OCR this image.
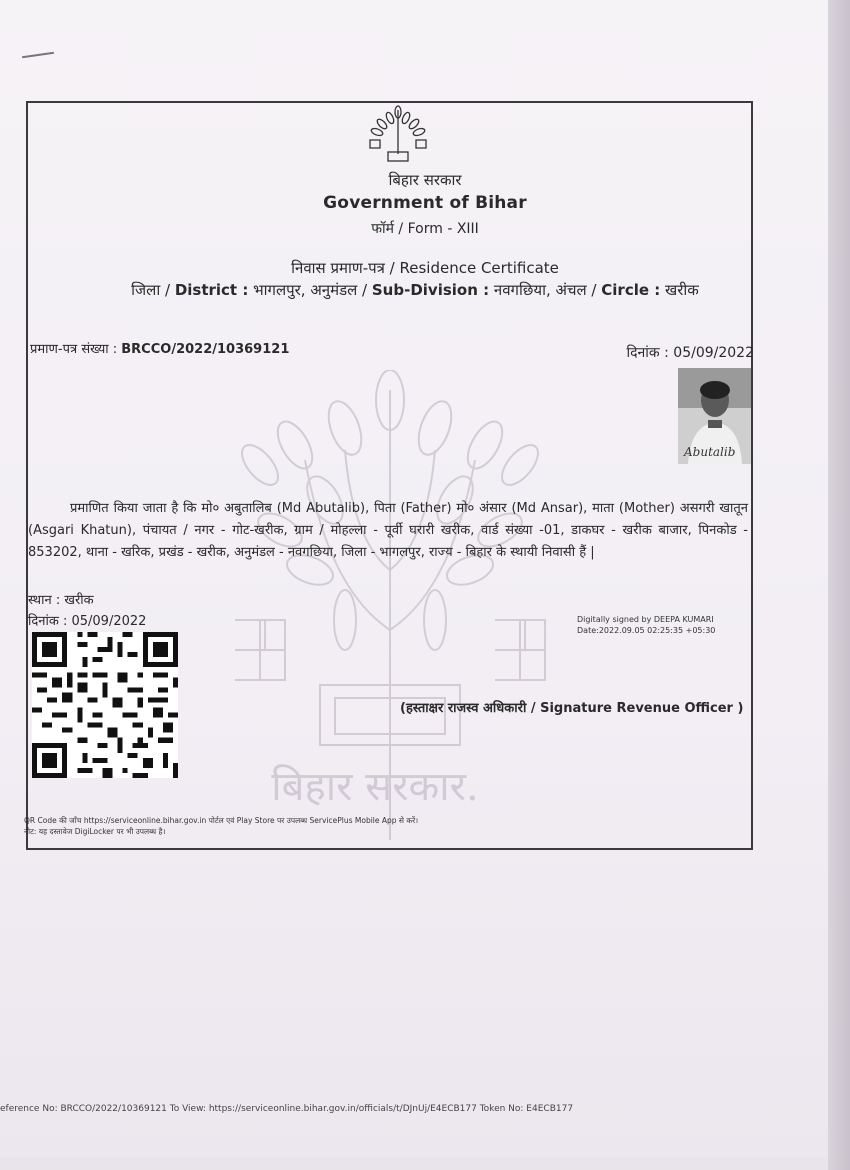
बिहार सरकार.
बिहार सरकार
Government of Bihar
फॉर्म / Form - XIII
निवास प्रमाण-पत्र / Residence Certificate
जिला / District : भागलपुर, अनुमंडल / Sub-Division : नवगछिया, अंचल / Circle : खरीक
प्रमाण-पत्र संख्या : BRCCO/2022/10369121	दिनांक : 05/09/2022
Abutalib
प्रमाणित किया जाता है कि मो० अबुतालिब (Md Abutalib), पिता (Father) मो० अंसार (Md Ansar), माता (Mother) असगरी खातून (Asgari Khatun), पंचायत / नगर - गोट-खरीक, ग्राम / मोहल्ला - पूर्वी घरारी खरीक, वार्ड संख्या -01, डाकघर - खरीक बाजार, पिनकोड - 853202, थाना - खरिक, प्रखंड - खरीक, अनुमंडल - नवगछिया, जिला - भागलपुर, राज्य - बिहार के स्थायी निवासी हैं |
स्थान : खरीक
दिनांक : 05/09/2022	Digitally signed by DEEPA KUMARI
Date:2022.09.05 02:25:35 +05:30
(हस्ताक्षर राजस्व अधिकारी / Signature Revenue Officer )
QR Code की जाँच https://serviceonline.bihar.gov.in पोर्टल एवं Play Store पर उपलब्ध ServicePlus Mobile App से करें।
नोट: यह दस्तावेज DigiLocker पर भी उपलब्ध है।
eference No: BRCCO/2022/10369121 To View: https://serviceonline.bihar.gov.in/officials/t/DJnUj/E4ECB177 Token No: E4ECB177
